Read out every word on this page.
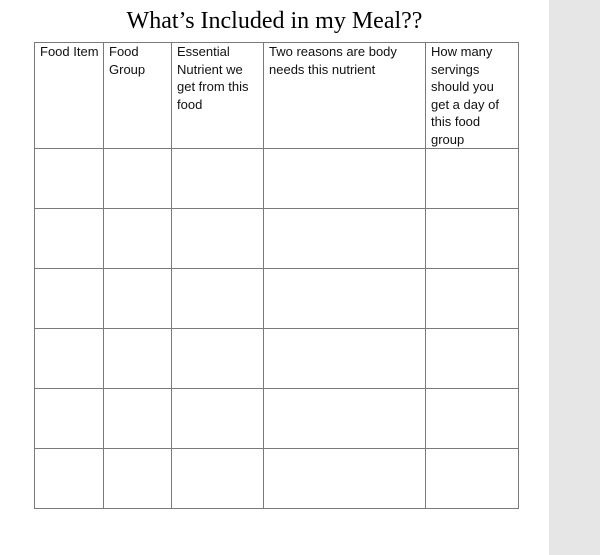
What’s Included in my Meal??
Food Item	Food Group	Essential Nutrient we get from this food	Two reasons are body needs this nutrient	How many servings should you get a day of this food group
